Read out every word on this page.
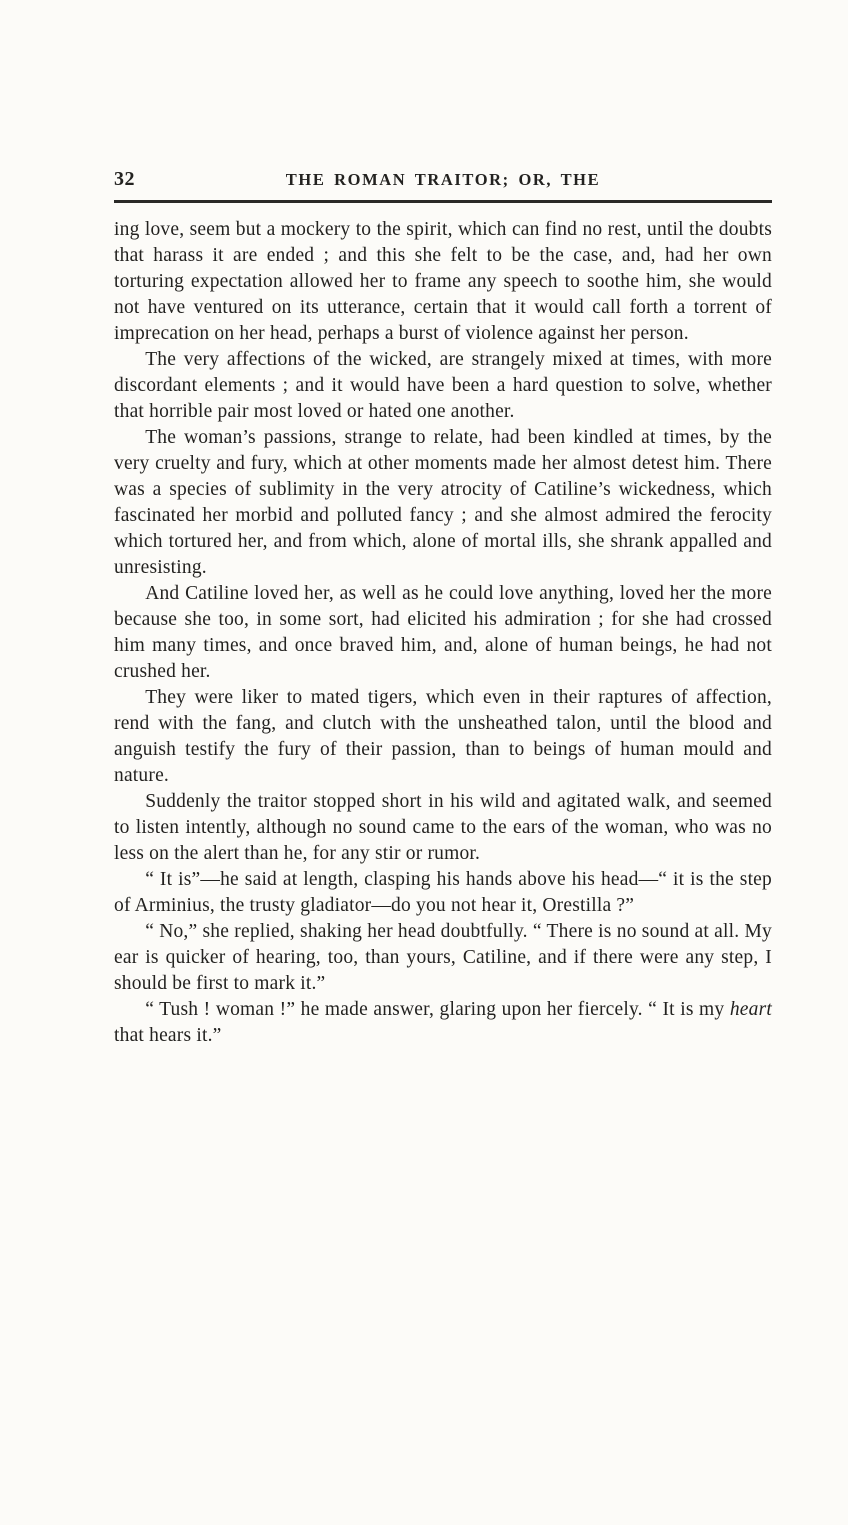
32	THE ROMAN TRAITOR; OR, THE

ing love, seem but a mockery to the spirit, which can find no rest, until the doubts that harass it are ended ; and this she felt to be the case, and, had her own torturing expectation allowed her to frame any speech to soothe him, she would not have ventured on its utterance, certain that it would call forth a torrent of imprecation on her head, perhaps a burst of violence against her person.

The very affections of the wicked, are strangely mixed at times, with more discordant elements ; and it would have been a hard question to solve, whether that horrible pair most loved or hated one another.

The woman’s passions, strange to relate, had been kindled at times, by the very cruelty and fury, which at other moments made her almost detest him. There was a species of sublimity in the very atrocity of Catiline’s wickedness, which fascinated her morbid and polluted fancy ; and she almost admired the ferocity which tortured her, and from which, alone of mortal ills, she shrank appalled and unresisting.

And Catiline loved her, as well as he could love anything, loved her the more because she too, in some sort, had elicited his admiration ; for she had crossed him many times, and once braved him, and, alone of human beings, he had not crushed her.

They were liker to mated tigers, which even in their raptures of affection, rend with the fang, and clutch with the unsheathed talon, until the blood and anguish testify the fury of their passion, than to beings of human mould and nature.

Suddenly the traitor stopped short in his wild and agitated walk, and seemed to listen intently, although no sound came to the ears of the woman, who was no less on the alert than he, for any stir or rumor.

“ It is”—he said at length, clasping his hands above his head—“ it is the step of Arminius, the trusty gladiator—do you not hear it, Orestilla ?”

“ No,” she replied, shaking her head doubtfully. “ There is no sound at all. My ear is quicker of hearing, too, than yours, Catiline, and if there were any step, I should be first to mark it.”

“ Tush ! woman !” he made answer, glaring upon her fiercely. “ It is my heart that hears it.”
